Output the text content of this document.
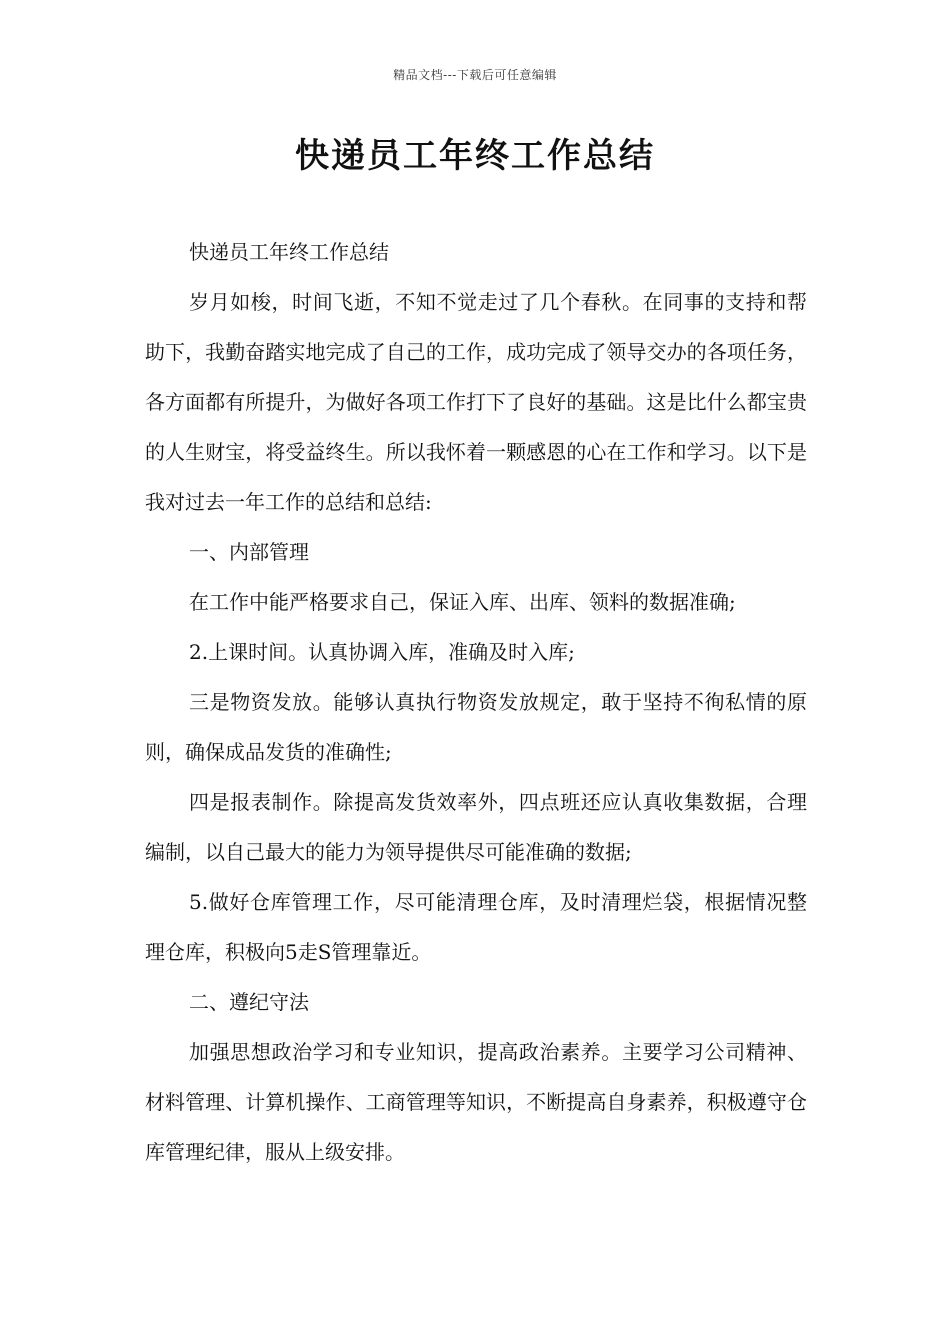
精品文档---下载后可任意编辑
快递员工年终工作总结

快递员工年终工作总结

岁月如梭，时间飞逝，不知不觉走过了几个春秋。在同事的支持和帮助下，我勤奋踏实地完成了自己的工作，成功完成了领导交办的各项任务，各方面都有所提升，为做好各项工作打下了良好的基础。这是比什么都宝贵的人生财宝，将受益终生。所以我怀着一颗感恩的心在工作和学习。以下是我对过去一年工作的总结和总结:

一、内部管理

在工作中能严格要求自己，保证入库、出库、领料的数据准确;

2.上课时间。认真协调入库，准确及时入库;

三是物资发放。能够认真执行物资发放规定，敢于坚持不徇私情的原则，确保成品发货的准确性;

四是报表制作。除提高发货效率外，四点班还应认真收集数据，合理编制，以自己最大的能力为领导提供尽可能准确的数据;

5.做好仓库管理工作，尽可能清理仓库，及时清理烂袋，根据情况整理仓库，积极向5走S管理靠近。

二、遵纪守法

加强思想政治学习和专业知识，提高政治素养。主要学习公司精神、材料管理、计算机操作、工商管理等知识，不断提高自身素养，积极遵守仓库管理纪律，服从上级安排。
